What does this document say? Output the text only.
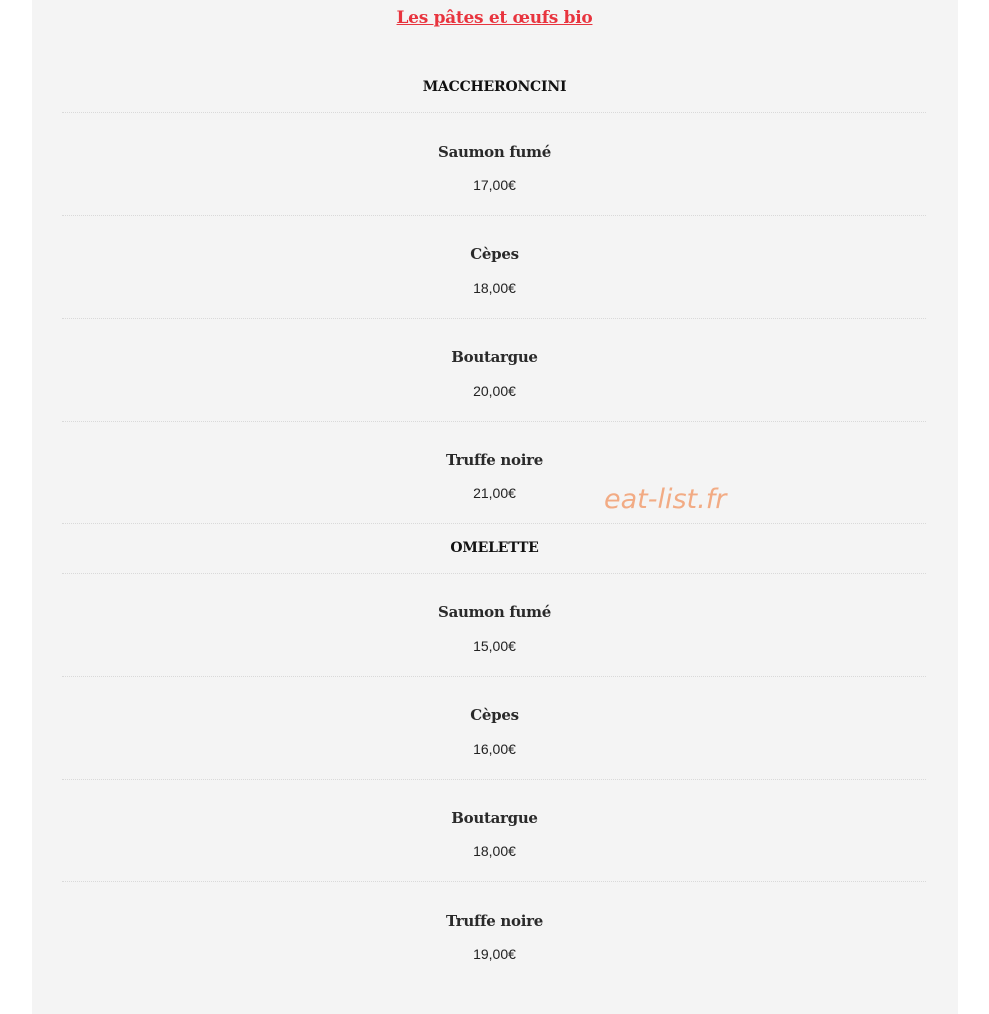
Les pâtes et œufs bio
MACCHERONCINI
Saumon fumé
17,00€
Cèpes
18,00€
Boutargue
20,00€
Truffe noire
21,00€
OMELETTE
Saumon fumé
15,00€
Cèpes
16,00€
Boutargue
18,00€
Truffe noire
19,00€
eat-list.fr
